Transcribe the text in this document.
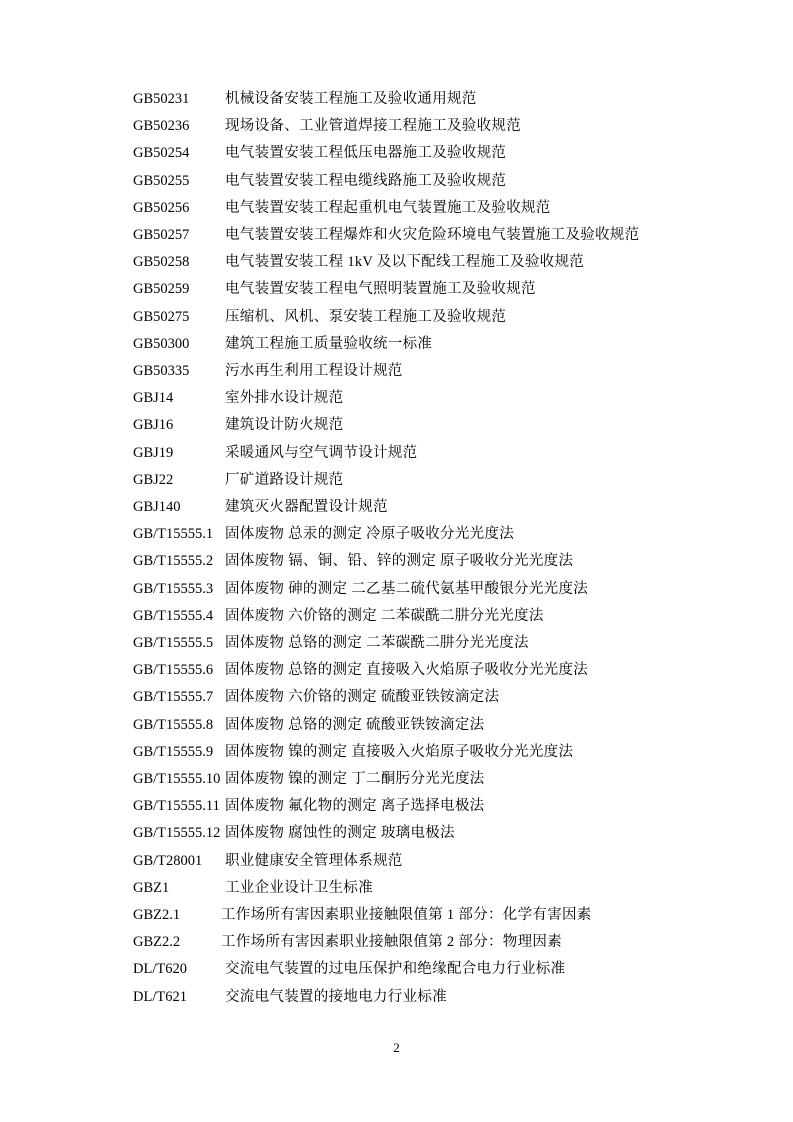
GB50231 机械设备安装工程施工及验收通用规范
GB50236 现场设备、工业管道焊接工程施工及验收规范
GB50254 电气装置安装工程低压电器施工及验收规范
GB50255 电气装置安装工程电缆线路施工及验收规范
GB50256 电气装置安装工程起重机电气装置施工及验收规范
GB50257 电气装置安装工程爆炸和火灾危险环境电气装置施工及验收规范
GB50258 电气装置安装工程 1kV 及以下配线工程施工及验收规范
GB50259 电气装置安装工程电气照明装置施工及验收规范
GB50275 压缩机、风机、泵安装工程施工及验收规范
GB50300 建筑工程施工质量验收统一标准
GB50335 污水再生利用工程设计规范
GBJ14	室外排水设计规范
GBJ16	建筑设计防火规范
GBJ19	采暖通风与空气调节设计规范
GBJ22	厂矿道路设计规范
GBJ140	建筑灭火器配置设计规范
GB/T15555.1 固体废物 总汞的测定 冷原子吸收分光光度法
GB/T15555.2 固体废物 镉、铜、铅、锌的测定 原子吸收分光光度法
GB/T15555.3 固体废物 砷的测定 二乙基二硫代氨基甲酸银分光光度法
GB/T15555.4 固体废物 六价铬的测定 二苯碳酰二肼分光光度法
GB/T15555.5 固体废物 总铬的测定 二苯碳酰二肼分光光度法
GB/T15555.6 固体废物 总铬的测定 直接吸入火焰原子吸收分光光度法
GB/T15555.7 固体废物 六价铬的测定 硫酸亚铁铵滴定法
GB/T15555.8 固体废物 总铬的测定 硫酸亚铁铵滴定法
GB/T15555.9 固体废物 镍的测定 直接吸入火焰原子吸收分光光度法
GB/T15555.10 固体废物 镍的测定 丁二酮肟分光光度法
GB/T15555.11 固体废物 氟化物的测定 离子选择电极法
GB/T15555.12 固体废物 腐蚀性的测定 玻璃电极法
GB/T28001 职业健康安全管理体系规范
GBZ1	工业企业设计卫生标准
GBZ2.1	工作场所有害因素职业接触限值第 1 部分：化学有害因素
GBZ2.2	工作场所有害因素职业接触限值第 2 部分：物理因素
DL/T620	交流电气装置的过电压保护和绝缘配合电力行业标准
DL/T621	交流电气装置的接地电力行业标准
2
